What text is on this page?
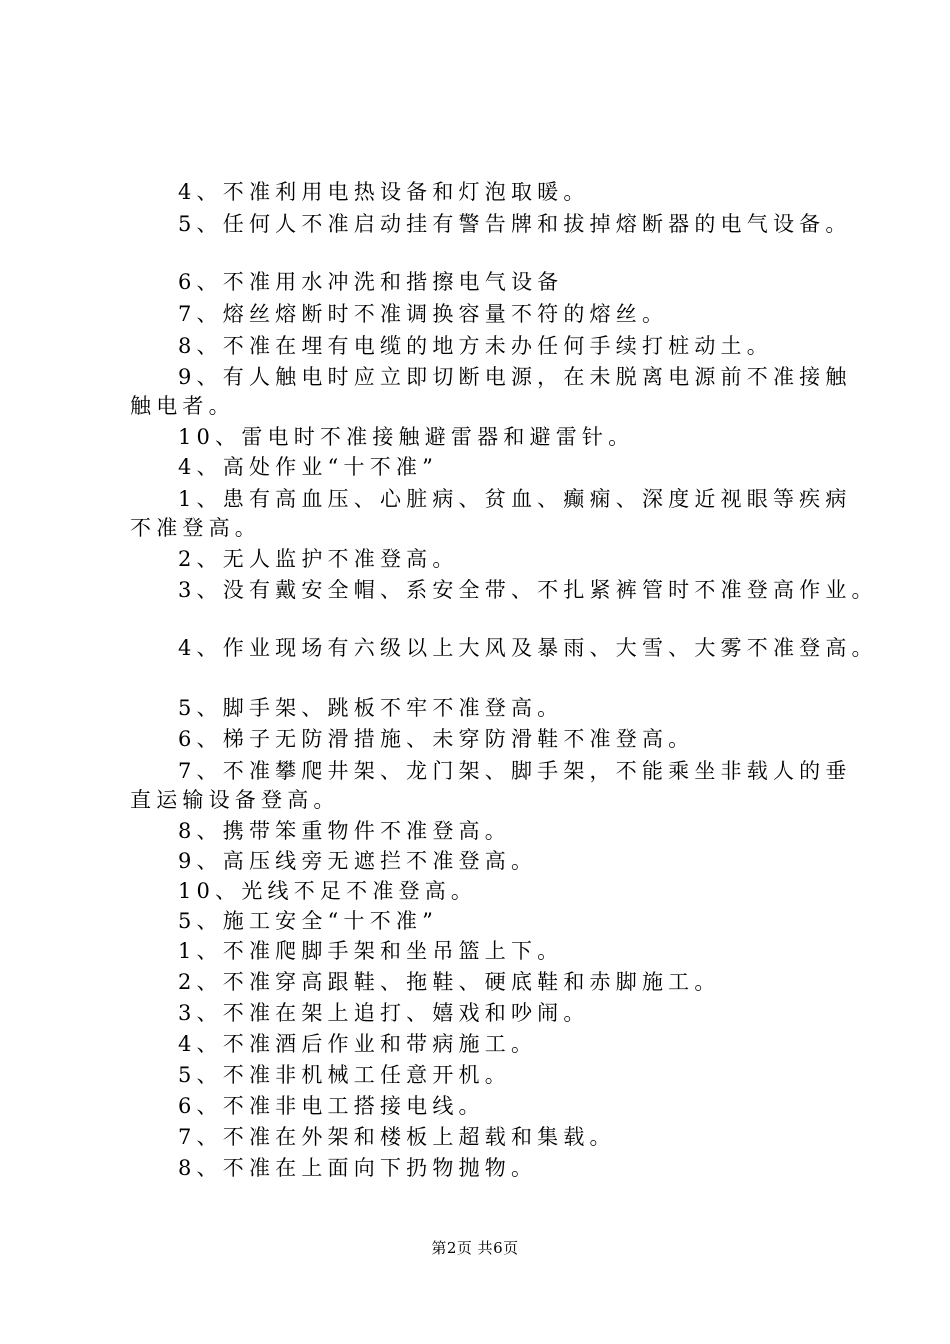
4、不准利用电热设备和灯泡取暖。
5、任何人不准启动挂有警告牌和拔掉熔断器的电气设备。
6、不准用水冲洗和揩擦电气设备
7、熔丝熔断时不准调换容量不符的熔丝。
8、不准在埋有电缆的地方未办任何手续打桩动土。
9、有人触电时应立即切断电源，在未脱离电源前不准接触
触电者。
10、雷电时不准接触避雷器和避雷针。
4、高处作业“十不准”
1、患有高血压、心脏病、贫血、癫痫、深度近视眼等疾病
不准登高。
2、无人监护不准登高。
3、没有戴安全帽、系安全带、不扎紧裤管时不准登高作业。
4、作业现场有六级以上大风及暴雨、大雪、大雾不准登高。
5、脚手架、跳板不牢不准登高。
6、梯子无防滑措施、未穿防滑鞋不准登高。
7、不准攀爬井架、龙门架、脚手架，不能乘坐非载人的垂
直运输设备登高。
8、携带笨重物件不准登高。
9、高压线旁无遮拦不准登高。
10、光线不足不准登高。
5、施工安全“十不准”
1、不准爬脚手架和坐吊篮上下。
2、不准穿高跟鞋、拖鞋、硬底鞋和赤脚施工。
3、不准在架上追打、嬉戏和吵闹。
4、不准酒后作业和带病施工。
5、不准非机械工任意开机。
6、不准非电工搭接电线。
7、不准在外架和楼板上超载和集载。
8、不准在上面向下扔物抛物。
第2页 共6页
